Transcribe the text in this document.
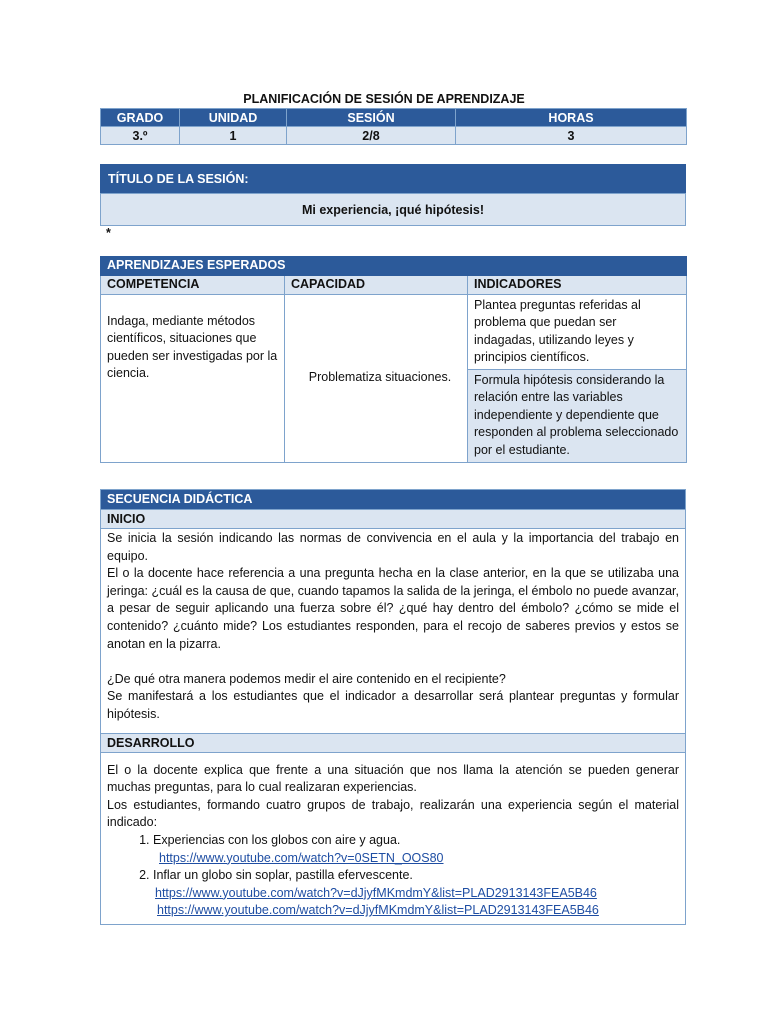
PLANIFICACIÓN DE SESIÓN DE APRENDIZAJE
GRADO	UNIDAD	SESIÓN	HORAS
3.º	1	2/8	3
TÍTULO DE LA SESIÓN:
Mi experiencia, ¡qué hipótesis!
*
APRENDIZAJES ESPERADOS		
COMPETENCIA	CAPACIDAD	INDICADORES
Indaga, mediante métodos científicos, situaciones que pueden ser investigadas por la ciencia.	Problematiza situaciones.	Plantea preguntas referidas al problema que puedan ser indagadas, utilizando leyes y principios científicos.
		Formula hipótesis considerando la relación entre las variables independiente y dependiente que responden al problema seleccionado por el estudiante.
SECUENCIA DIDÁCTICA
INICIO

Se inicia la sesión indicando las normas de convivencia en el aula y la importancia del trabajo en equipo.

El o la docente hace referencia a una pregunta hecha en la clase anterior, en la que se utilizaba una jeringa: ¿cuál es la causa de que, cuando tapamos la salida de la jeringa, el émbolo no puede avanzar, a pesar de seguir aplicando una fuerza sobre él? ¿qué hay dentro del émbolo? ¿cómo se mide el contenido? ¿cuánto mide? Los estudiantes responden, para el recojo de saberes previos y estos se anotan en la pizarra.

¿De qué otra manera podemos medir el aire contenido en el recipiente?

Se manifestará a los estudiantes que el indicador a desarrollar será plantear preguntas y formular hipótesis.

DESARROLLO

El o la docente explica que frente a una situación que nos llama la atención se pueden generar muchas preguntas, para lo cual realizaran experiencias.

Los estudiantes, formando cuatro grupos de trabajo, realizarán una experiencia según el material indicado:

1. Experiencias con los globos con aire y agua.
https://www.youtube.com/watch?v=0SETN_OOS80
2. Inflar un globo sin soplar, pastilla efervescente.
https://www.youtube.com/watch?v=dJjyfMKmdmY&list=PLAD2913143FEA5B46
https://www.youtube.com/watch?v=dJjyfMKmdmY&list=PLAD2913143FEA5B46
